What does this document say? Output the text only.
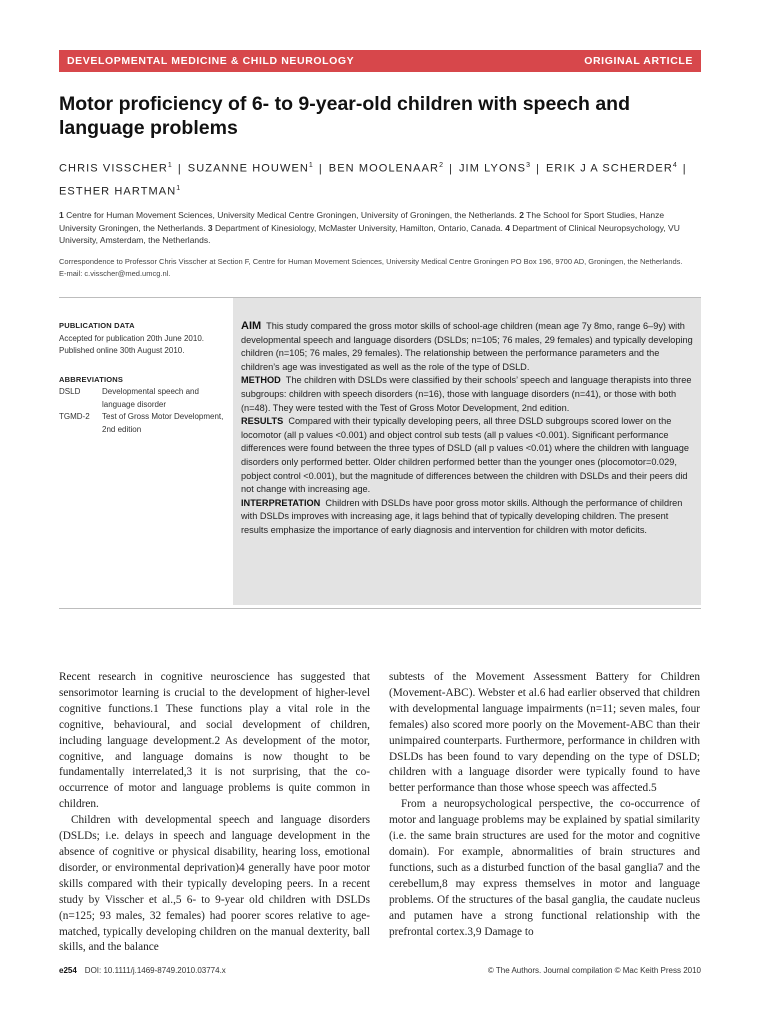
DEVELOPMENTAL MEDICINE & CHILD NEUROLOGY	ORIGINAL ARTICLE
Motor proficiency of 6- to 9-year-old children with speech and language problems
CHRIS VISSCHER$^1$ | SUZANNE HOUWEN$^1$ | BEN MOOLENAAR$^2$ | JIM LYONS$^3$ | ERIK J A SCHERDER$^4$ |
ESTHER HARTMAN$^1$
1 Centre for Human Movement Sciences, University Medical Centre Groningen, University of Groningen, the Netherlands. 2 The School for Sport Studies, Hanze University Groningen, the Netherlands. 3 Department of Kinesiology, McMaster University, Hamilton, Ontario, Canada. 4 Department of Clinical Neuropsychology, VU University, Amsterdam, the Netherlands.
Correspondence to Professor Chris Visscher at Section F, Centre for Human Movement Sciences, University Medical Centre Groningen PO Box 196, 9700 AD, Groningen, the Netherlands.
E-mail: c.visscher@med.umcg.nl.
PUBLICATION DATA
Accepted for publication 20th June 2010.
Published online 30th August 2010.
ABBREVIATIONS
DSLD	Developmental speech and language disorder
TGMD-2	Test of Gross Motor Development, 2nd edition

AIM This study compared the gross motor skills of school-age children (mean age 7y 8mo, range 6–9y) with developmental speech and language disorders (DSLDs; n=105; 76 males, 29 females) and typically developing children (n=105; 76 males, 29 females). The relationship between the performance parameters and the children’s age was investigated as well as the role of the type of DSLD.

METHOD The children with DSLDs were classified by their schools’ speech and language therapists into three subgroups: children with speech disorders (n=16), those with language disorders (n=41), or those with both (n=48). They were tested with the Test of Gross Motor Development, 2nd edition.

RESULTS Compared with their typically developing peers, all three DSLD subgroups scored lower on the locomotor (all p values <0.001) and object control sub tests (all p values <0.001). Significant performance differences were found between the three types of DSLD (all p values <0.01) where the children with language disorders only performed better. Older children performed better than the younger ones (plocomotor=0.029, pobject control <0.001), but the magnitude of differences between the children with DSLDs and their peers did not change with increasing age.

INTERPRETATION Children with DSLDs have poor gross motor skills. Although the performance of children with DSLDs improves with increasing age, it lags behind that of typically developing children. The present results emphasize the importance of early diagnosis and intervention for children with motor deficits.

Recent research in cognitive neuroscience has suggested that sensorimotor learning is crucial to the development of higher-level cognitive functions.1 These functions play a vital role in the cognitive, behavioural, and social development of children, including language development.2 As development of the motor, cognitive, and language domains is now thought to be fundamentally interrelated,3 it is not surprising, that the co-occurrence of motor and language problems is quite common in children.

Children with developmental speech and language disorders (DSLDs; i.e. delays in speech and language development in the absence of cognitive or physical disability, hearing loss, emotional disorder, or environmental deprivation)4 generally have poor motor skills compared with their typically developing peers. In a recent study by Visscher et al.,5 6- to 9-year old children with DSLDs (n=125; 93 males, 32 females) had poorer scores relative to age-matched, typically developing children on the manual dexterity, ball skills, and the balance

subtests of the Movement Assessment Battery for Children (Movement-ABC). Webster et al.6 had earlier observed that children with developmental language impairments (n=11; seven males, four females) also scored more poorly on the Movement-ABC than their unimpaired counterparts. Furthermore, performance in children with DSLDs has been found to vary depending on the type of DSLD; children with a language disorder were typically found to have better performance than those whose speech was affected.5

From a neuropsychological perspective, the co-occurrence of motor and language problems may be explained by spatial similarity (i.e. the same brain structures are used for the motor and cognitive domain). For example, abnormalities of brain structures and functions, such as a disturbed function of the basal ganglia7 and the cerebellum,8 may express themselves in motor and language problems. Of the structures of the basal ganglia, the caudate nucleus and putamen have a strong functional relationship with the prefrontal cortex.3,9 Damage to

e254 DOI: 10.1111/j.1469-8749.2010.03774.x	© The Authors. Journal compilation © Mac Keith Press 2010
